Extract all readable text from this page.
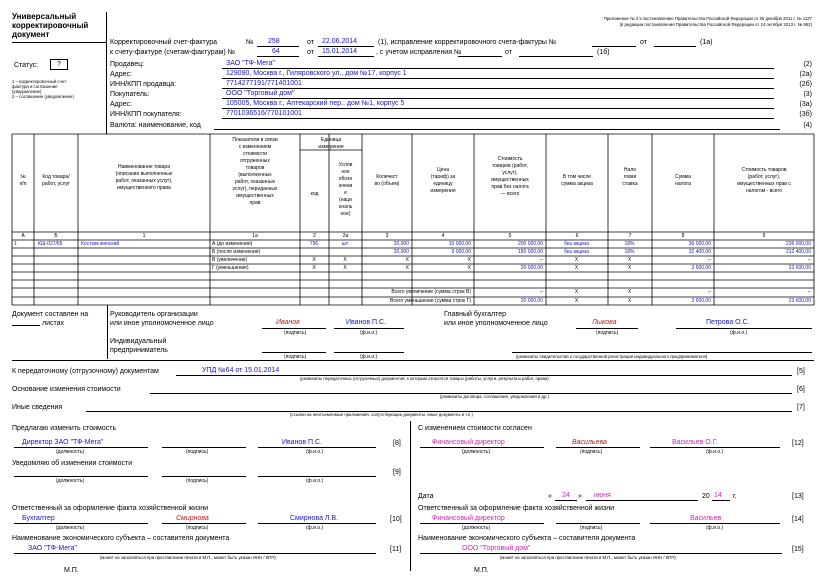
Универсальный
корректировочный
документ
Статус:	?
1 – корректировочный счет-
фактура и соглашение
(уведомление)
2 – соглашение (уведомление)
Приложение № 2 к постановлению Правительства Российской Федерации от 26 декабря 2011 г. № 1137
(в редакции постановления Правительства Российской Федерации от 24 октября 2013 г. № 952)
Корректировочный счет-фактура	№ 258	от 22.06.2014	(1), исправление корректировочного счета-фактуры №	от	(1а)
к счету-фактуре (счетам-фактурам) №	64	от 15.01.2014	, с учетом исправления №	от	(1б)
Продавец:	ЗАО "ТФ-Мега"	(2)
Адрес:	129090, Москва г., Гиляровского ул., дом №17, корпус 1	(2а)
ИНН/КПП продавца:	7714277191/771401001	(2б)
Покупатель:	ООО "Торговый дом"	(3)
Адрес:	105005, Москва г., Аптекарский пер., дом №1, корпус 5	(3а)
ИНН/КПП покупателя:	7701036516/770101001	(3б)
Валюта: наименование, код	(4)
№
п/п
Код товара/
работ, услуг
Наименование товара
(описание выполненных
работ, оказанных услуг),
имущественного права
Показатели в связи
с изменением
стоимости
отгруженных
товаров
(выполненных
работ, оказанных
услуг), переданных
имущественных
прав
Единица
измерения
код
Услов
ное
обозн
ачени
е
(наци
ональ
ное)
Количест
во (объем)
Цена
(тариф) за
единицу
измерения
Стоимость
товаров (работ,
услуг),
имущественных
прав без налога
— всего
В том числе
сумма акциза
Нало
говая
ставка
Сумма
налога
Стоимость товаров
(работ, услуг),
имущественных прав с
налогом - всего
А	Б	1	1а	2	2а	3	4	5	6	7	8	9
1	КШ-027/65	Костюм женский	А (до изменения)	796	шт	20,000	10 000,00	200 000,00	без акциза	18%	36 000,00	236 000,00
Б (после изменения)	20,000	9 000,00	180 000,00	без акциза	18%	32 400,00	212 400,00
В (увеличение)	Х	Х	Х	Х	--	Х	Х	--	--
Г (уменьшение)	Х	Х	Х	Х	20 000,00	Х	Х	3 600,00	23 600,00
Всего увеличение (сумма строк В)	--	Х	Х	--	--
Всего уменьшение (сумма строк Г)	20 000,00	Х	Х	3 600,00	23 600,00
Документ составлен на
листах
Руководитель организации
или иное уполномоченное лицо	Иванов	Иванов П.С.
(подпись)	(ф.и.о.)
Главный бухгалтер
или иное уполномоченное лицо	Лыкова	Петрова О.С.
(подпись)	(ф.и.о.)
Индивидуальный
предприниматель
(подпись)	(ф.и.о.)	(реквизиты свидетельства о государственной регистрации индивидуального предпринимателя)
К передаточному (отгрузочному) документам	УПД №64 от 15.01.2014	[5]
(реквизиты передаточных (отгрузочных) документов, к которым относятся товары (работы, услуги, результаты работ, права)
Основание изменения стоимости	[6]
(реквизиты договора, соглашения, уведомления и др.)
Иные сведения	[7]
(ссылки на неотъемлемые приложения, сопутствующие документы, иные документы и т.п.)
Предлагаю изменить стоимость
Директор ЗАО "ТФ-Мега"	Иванов П.С.	[8]
(должность)	(подпись)	(ф.и.о.)
Уведомляю об изменении стоимости
[9]
(должность)	(подпись)	(ф.и.о.)
Ответственный за оформление факта хозяйственной жизни
Бухгалтер	Смирнова	Смирнова Л.В.	[10]
(должность)	(подпись)	(ф.и.о.)
Наименование экономического субъекта – составителя документа
ЗАО "ТФ-Мега"	[11]
(может не заполняться при проставлении печати в М.П., может быть указан ИНН / КПП)
М.П.
С изменением стоимости согласен
Финансовый директор	Васильева	Васильев О.Г.	[12]
(должность)	(подпись)	(ф.и.о.)
Дата	« 24 » июня	20 14 г.	[13]
Ответственный за оформление факта хозяйственной жизни
Финансовый директор	Васильев	[14]
(должность)	(подпись)	(ф.и.о.)
Наименование экономического субъекта – составителя документа
ООО "Торговый дом"	[15]
(может не заполняться при проставлении печати в М.П., может быть указан ИНН / КПП)
М.П.
